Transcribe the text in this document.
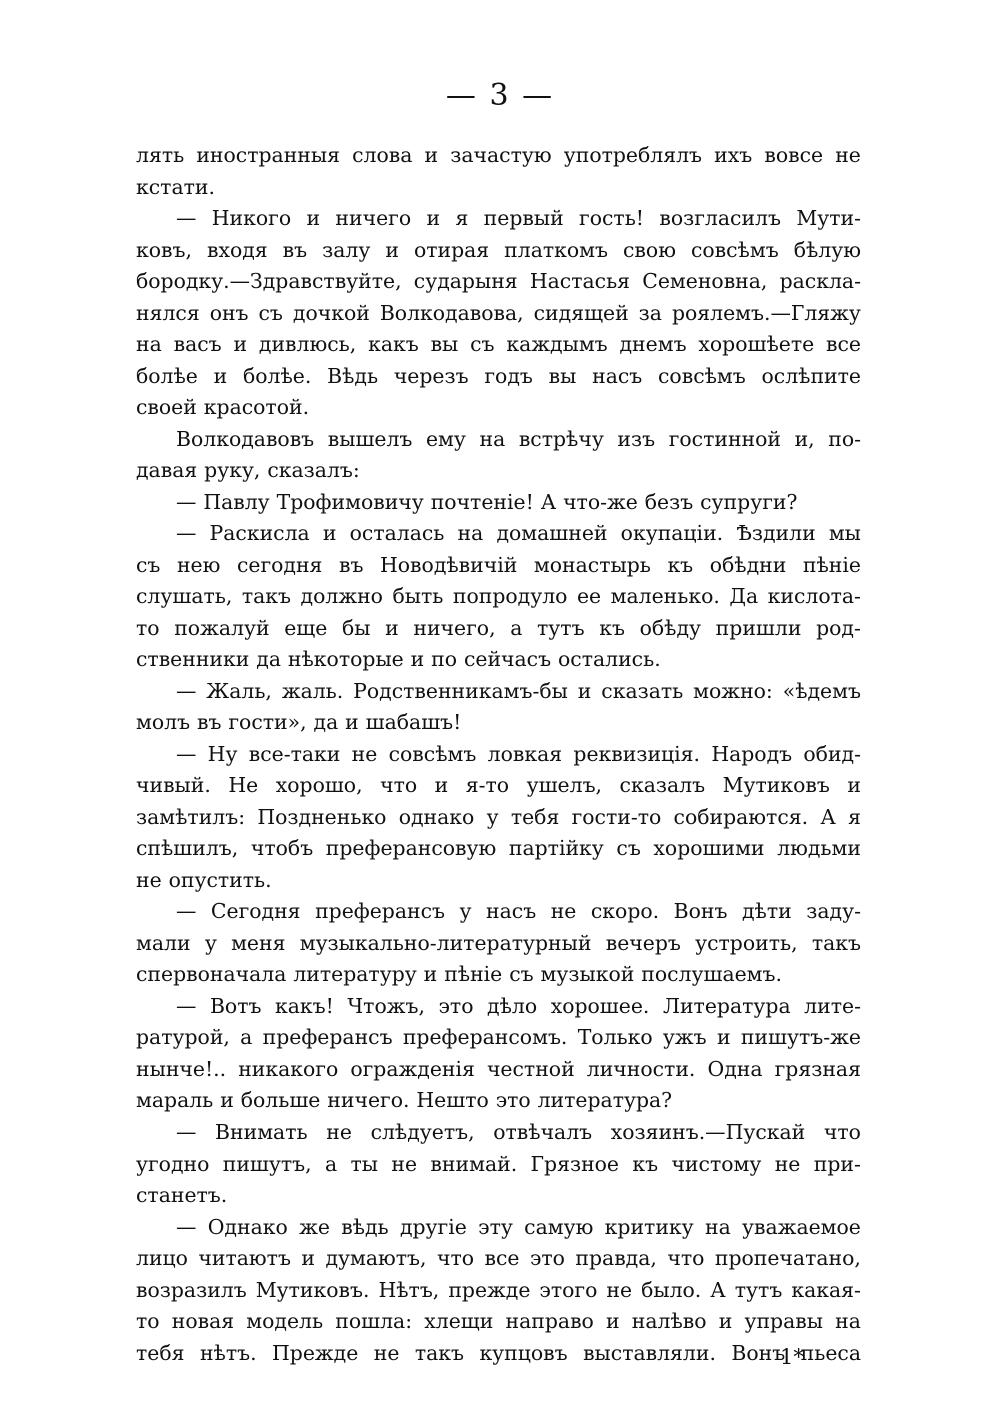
— 3 —
лять иностранныя слова и зачастую употреблялъ ихъ вовсе не
кстати.
— Никого и ничего и я первый гость! возгласилъ Мути-
ковъ, входя въ залу и отирая платкомъ свою совсѣмъ бѣлую
бородку.—Здравствуйте, сударыня Настасья Семеновна, раскла-
нялся онъ съ дочкой Волкодавова, сидящей за роялемъ.—Гляжу
на васъ и дивлюсь, какъ вы съ каждымъ днемъ хорошѣете все
болѣе и болѣе. Вѣдь черезъ годъ вы насъ совсѣмъ ослѣпите
своей красотой.
Волкодавовъ вышелъ ему на встрѣчу изъ гостинной и, по-
давая руку, сказалъ:
— Павлу Трофимовичу почтеніе! А что-же безъ супруги?
— Раскисла и осталась на домашней окупаціи. Ѣздили мы
съ нею сегодня въ Новодѣвичій монастырь къ обѣдни пѣніе
слушать, такъ должно быть попродуло ее маленько. Да кислота-
то пожалуй еще бы и ничего, а тутъ къ обѣду пришли род-
ственники да нѣкоторые и по сейчасъ остались.
— Жаль, жаль. Родственникамъ-бы и сказать можно: «ѣдемъ
молъ въ гости», да и шабашъ!
— Ну все-таки не совсѣмъ ловкая реквизиція. Народъ обид-
чивый. Не хорошо, что и я-то ушелъ, сказалъ Мутиковъ и
замѣтилъ: Поздненько однако у тебя гости-то собираются. А я
спѣшилъ, чтобъ преферансовую партійку съ хорошими людьми
не опустить.
— Сегодня преферансъ у насъ не скоро. Вонъ дѣти заду-
мали у меня музыкально-литературный вечеръ устроить, такъ
спервоначала литературу и пѣніе съ музыкой послушаемъ.
— Вотъ какъ! Чтожъ, это дѣло хорошее. Литература лите-
ратурой, а преферансъ преферансомъ. Только ужъ и пишутъ-же
нынче!.. никакого огражденія честной личности. Одна грязная
мараль и больше ничего. Нешто это литература?
— Внимать не слѣдуетъ, отвѣчалъ хозяинъ.—Пускай что
угодно пишутъ, а ты не внимай. Грязное къ чистому не при-
станетъ.
— Однако же вѣдь другіе эту самую критику на уважаемое
лицо читаютъ и думаютъ, что все это правда, что пропечатано,
возразилъ Мутиковъ. Нѣтъ, прежде этого не было. А тутъ какая-
то новая модель пошла: хлещи направо и налѣво и управы на
тебя нѣтъ. Прежде не такъ купцовъ выставляли. Вонъ пьеса
1*
